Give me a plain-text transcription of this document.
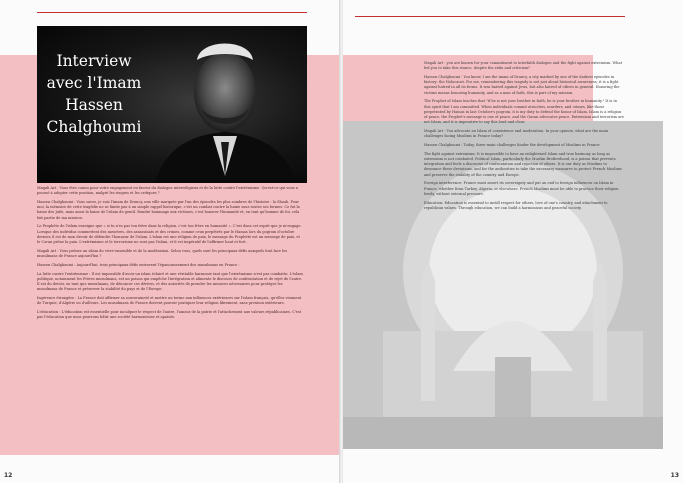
Interview avec l'Imam Hassen Chalghoumi

Magali Art : Vous êtes connu pour votre engagement en faveur du dialogue interreligieux et de la lutte contre l'extrémisme. Qu'est-ce qui vous a poussé à adopter cette position, malgré les risques et les critiques ?

Hassen Chalghoumi : Vous savez, je suis l'imam de Drancy, une ville marquée par l'un des épisodes les plus sombres de l'histoire : la Shoah. Pour moi, la mémoire de cette tragédie ne se limite pas à un simple rappel historique, c'est un combat contre la haine sous toutes ses formes. Ce fut la haine des Juifs, mais aussi la haine de l'islam de gentil. Rendre hommage aux victimes, c'est honorer l'humanité et, en tant qu'homme de foi, cela fait partie de ma mission.

Le Prophète de l'islam enseigne que « si tu n'es pas ton frère dans la religion, c'est ton frère en humanité ». C'est dans cet esprit que je m'engage. Lorsque des individus commettent des meurtres, des assassinats et des crimes, comme ceux perpétrés par le Hamas lors du pogrom d'octobre dernier, il est de mon devoir de défendre l'honneur de l'islam. L'islam est une religion de paix, le message du Prophète est un message de paix, et le Coran prône la paix. L'extrémisme et le terrorisme ne sont pas l'islam, et il est impératif de l'affirmer haut et fort.

Magali Art : Vous prônez un islam du vivre-ensemble et de la modération. Selon vous, quels sont les principaux défis auxquels font face les musulmans de France aujourd'hui ?

Hassen Chalghoumi : Aujourd'hui, trois principaux défis entravent l'épanouissement des musulmans en France :

La lutte contre l'extrémisme : Il est impossible d'avoir un islam éclairé et une véritable harmonie tant que l'extrémisme n'est pas combattu. L'islam politique, notamment les Frères musulmans, est un poison qui empêche l'intégration et alimente le discours de confrontation et de rejet de l'autre. Il est du devoir, en tant que musulmans, de dénoncer ces dérives, et des autorités de prendre les mesures nécessaires pour protéger les musulmans de France et préserver la stabilité du pays et de l'Europe.

Ingérence étrangère : La France doit affirmer sa souveraineté et mettre un terme aux influences extérieures sur l'islam français, qu'elles viennent de Turquie, d'Algérie ou d'ailleurs. Les musulmans de France doivent pouvoir pratiquer leur religion librement, sans pression extérieure.

L'éducation : L'éducation est essentielle pour inculquer le respect de l'autre, l'amour de la patrie et l'attachement aux valeurs républicaines. C'est par l'éducation que nous pourrons bâtir une société harmonieuse et apaisée.

12

Magali Art : you are known for your commitment to interfaith dialogue and the fight against extremism. What led you to take this stance, despite the risks and criticism?

Hassen Chalghoumi : You know, I am the imam of Drancy, a city marked by one of the darkest episodes in history: the Holocaust. For me, remembering this tragedy is not just about historical awareness; it is a fight against hatred in all its forms. It was hatred against Jews, but also hatred of others in general. Honoring the victims means honoring humanity, and as a man of faith, this is part of my mission.

The Prophet of Islam teaches that "if he is not your brother in faith, he is your brother in humanity." It is in this spirit that I am committed. When individuals commit atrocities, murders, and crimes, like those perpetrated by Hamas in last October's pogrom, it is my duty to defend the honor of Islam. Islam is a religion of peace, the Prophet's message is one of peace, and the Quran advocates peace. Extremism and terrorism are not Islam, and it is imperative to say this loud and clear.

Magali Art : You advocate an Islam of coexistence and moderation. In your opinion, what are the main challenges facing Muslims in France today?

Hassen Chalghoumi : Today, three main challenges hinder the development of Muslims in France:

The fight against extremism: It is impossible to have an enlightened Islam and true harmony as long as extremism is not combated. Political Islam, particularly the Muslim Brotherhood, is a poison that prevents integration and fuels a discourse of confrontation and rejection of others. It is our duty as Muslims to denounce these deviations, and for the authorities to take the necessary measures to protect French Muslims and preserve the stability of the country and Europe.

Foreign interference: France must assert its sovereignty and put an end to foreign influences on Islam in France, whether from Turkey, Algeria, or elsewhere. French Muslims must be able to practice their religion freely, without external pressure.

Education: Education is essential to instill respect for others, love of one's country, and attachment to republican values. Through education, we can build a harmonious and peaceful society.

13
